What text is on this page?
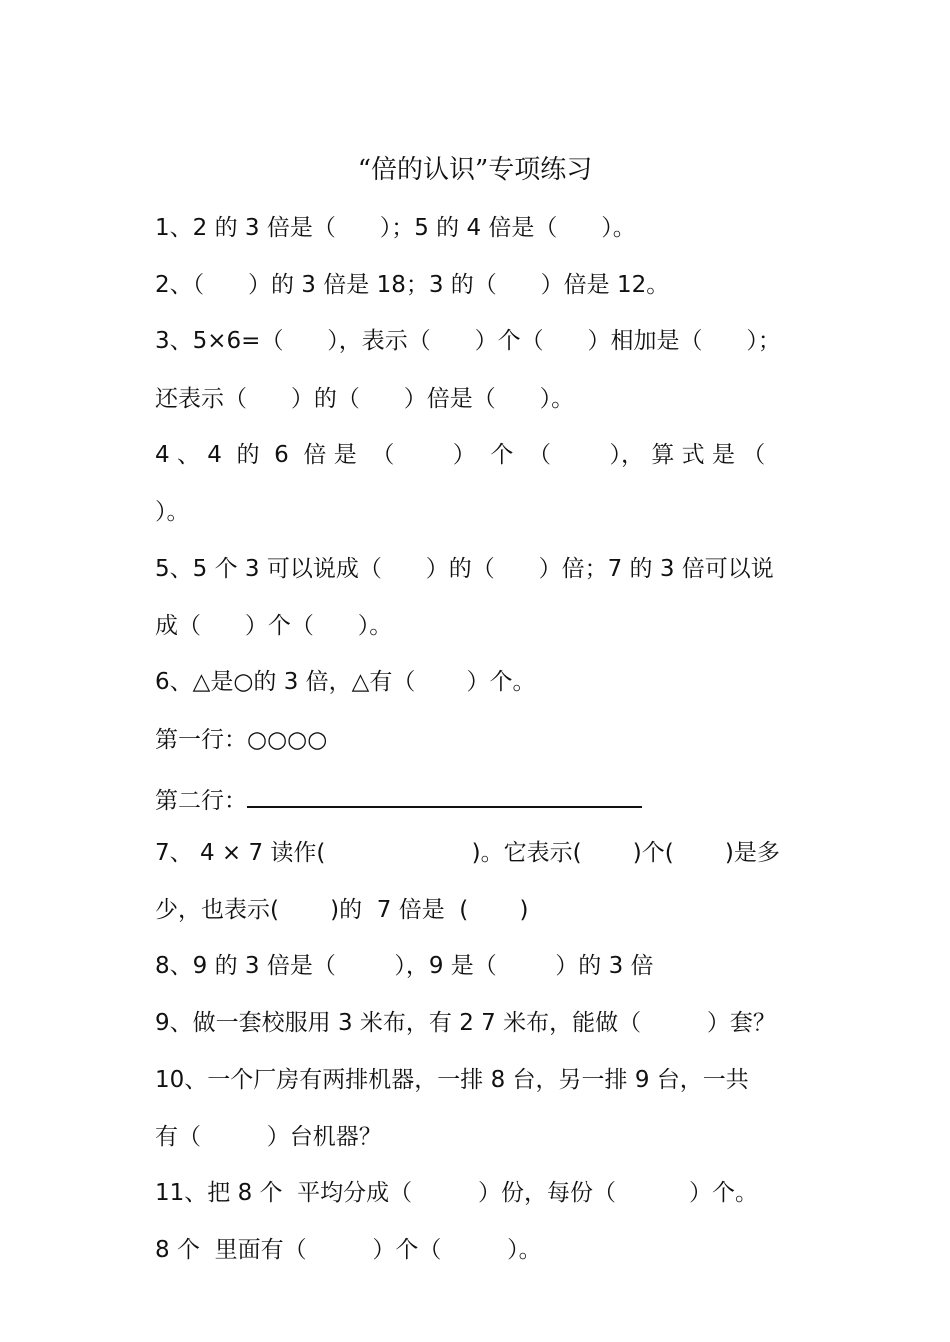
“倍的认识”专项练习
1、2 的 3 倍是（      ）；5 的 4 倍是（      ）。
2、（      ）的 3 倍是 18；3 的（      ）倍是 12。
3、5×6=（      ），表示（      ）个（      ）相加是（      ）；
还表示（      ）的（      ）倍是（      ）。
4 、 4  的  6  倍 是  （        ）  个  （        ）， 算 式 是 （
）。
5、5 个 3 可以说成（      ）的（      ）倍；7 的 3 倍可以说
成（      ）个（      ）。
6、△是○的 3 倍，△有（       ）个。
第一行：○○○○
第二行：
7、 4 × 7 读作(                    )。它表示(       )个(       )是多
少，也表示(       )的  7 倍是  (       )
8、9 的 3 倍是（        ），9 是（        ）的 3 倍
9、做一套校服用 3 米布，有 2 7 米布，能做（         ）套？
10、一个厂房有两排机器，一排 8 台，另一排 9 台，一共
有（         ）台机器？
11、把 8 个  平均分成（         ）份，每份（          ）个。
8 个  里面有（         ）个（         ）。
